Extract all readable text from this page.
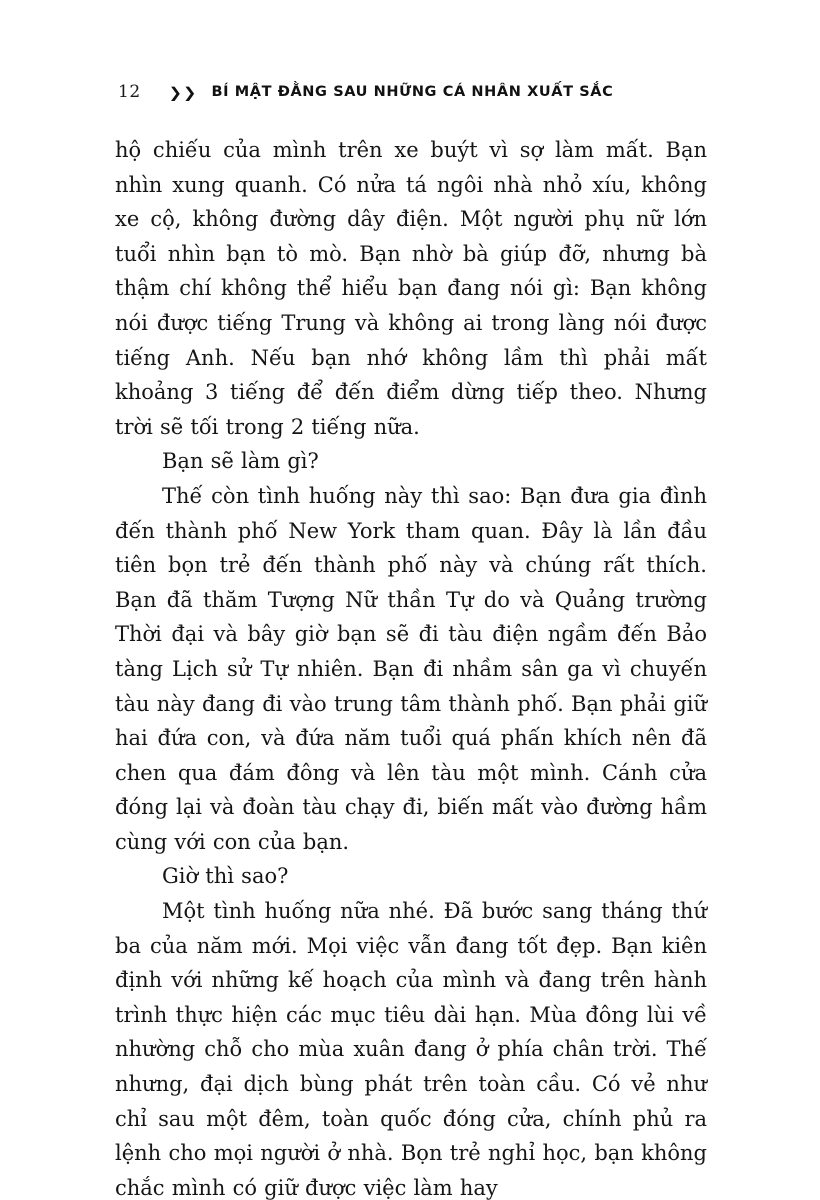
12 ❯❯ BÍ MẬT ĐẰNG SAU NHỮNG CÁ NHÂN XUẤT SẮC

hộ chiếu của mình trên xe buýt vì sợ làm mất. Bạn nhìn xung quanh. Có nửa tá ngôi nhà nhỏ xíu, không xe cộ, không đường dây điện. Một người phụ nữ lớn tuổi nhìn bạn tò mò. Bạn nhờ bà giúp đỡ, nhưng bà thậm chí không thể hiểu bạn đang nói gì: Bạn không nói được tiếng Trung và không ai trong làng nói được tiếng Anh. Nếu bạn nhớ không lầm thì phải mất khoảng 3 tiếng để đến điểm dừng tiếp theo. Nhưng trời sẽ tối trong 2 tiếng nữa.

Bạn sẽ làm gì?

Thế còn tình huống này thì sao: Bạn đưa gia đình đến thành phố New York tham quan. Đây là lần đầu tiên bọn trẻ đến thành phố này và chúng rất thích. Bạn đã thăm Tượng Nữ thần Tự do và Quảng trường Thời đại và bây giờ bạn sẽ đi tàu điện ngầm đến Bảo tàng Lịch sử Tự nhiên. Bạn đi nhầm sân ga vì chuyến tàu này đang đi vào trung tâm thành phố. Bạn phải giữ hai đứa con, và đứa năm tuổi quá phấn khích nên đã chen qua đám đông và lên tàu một mình. Cánh cửa đóng lại và đoàn tàu chạy đi, biến mất vào đường hầm cùng với con của bạn.

Giờ thì sao?

Một tình huống nữa nhé. Đã bước sang tháng thứ ba của năm mới. Mọi việc vẫn đang tốt đẹp. Bạn kiên định với những kế hoạch của mình và đang trên hành trình thực hiện các mục tiêu dài hạn. Mùa đông lùi về nhường chỗ cho mùa xuân đang ở phía chân trời. Thế nhưng, đại dịch bùng phát trên toàn cầu. Có vẻ như chỉ sau một đêm, toàn quốc đóng cửa, chính phủ ra lệnh cho mọi người ở nhà. Bọn trẻ nghỉ học, bạn không chắc mình có giữ được việc làm hay
